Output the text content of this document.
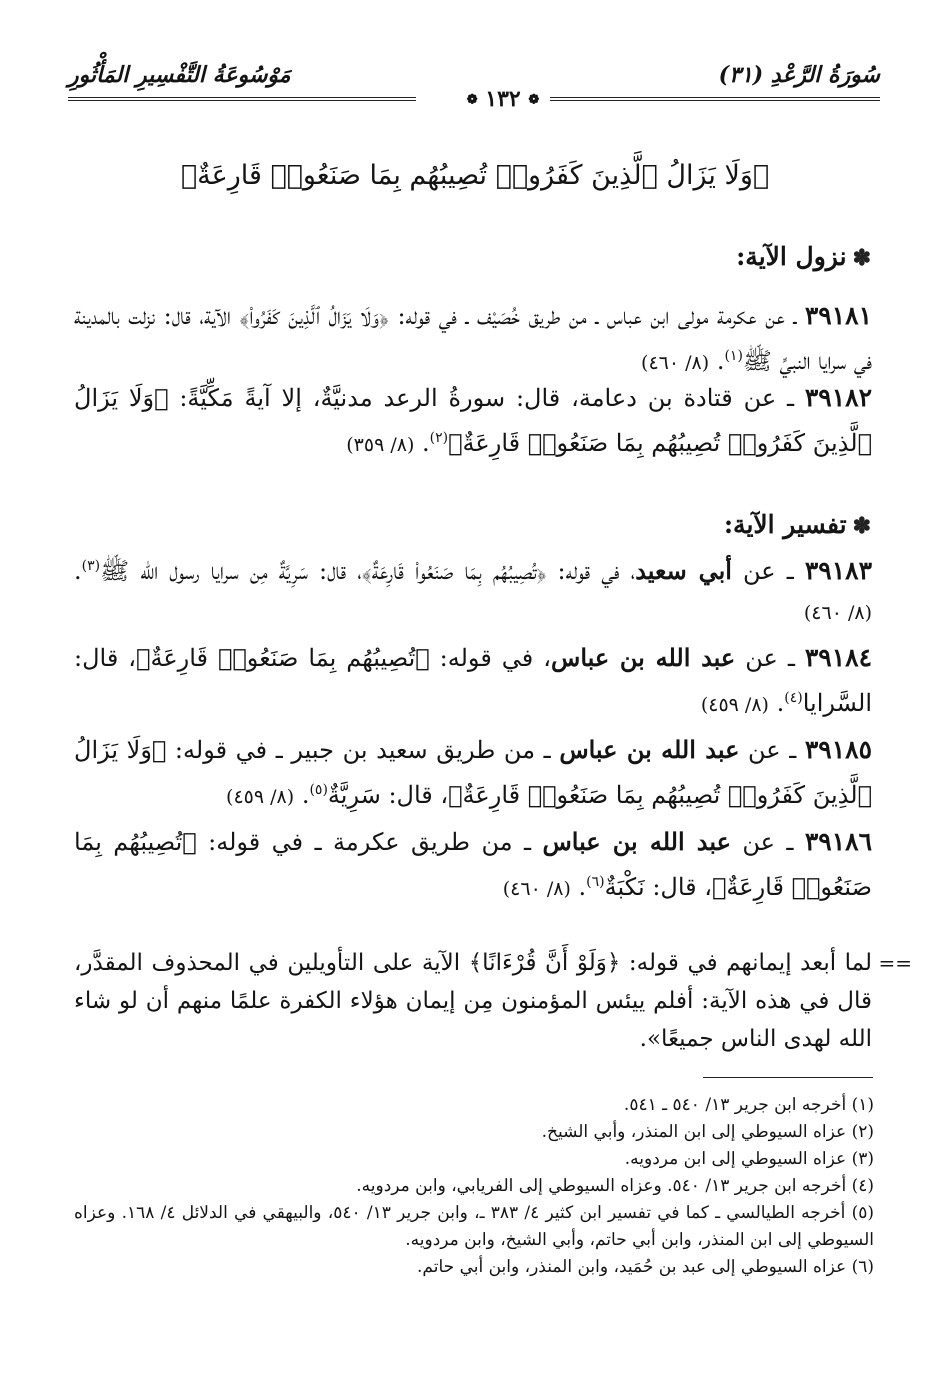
مَوْسُوعَةُ التَّفْسِيرِ المَأْثُورِ	سُورَةُ الرَّعْدِ (٣١)
❁ ١٣٢ ❁
﴿وَلَا يَزَالُ ٱلَّذِينَ كَفَرُوا۟ تُصِيبُهُم بِمَا صَنَعُوا۟ قَارِعَةٌ﴾
✽نزول الآية:
٣٩١٨١ ـ عن عكرمة مولى ابن عباس ـ من طريق خُصَيْف ـ في قوله: ﴿وَلَا يَزَالُ ٱلَّذِينَ كَفَرُوا۟﴾ الآية، قال: نزلت بالمدينة في سرايا النبيِّ ﷺ$^{(١)}$. (٨/ ٤٦٠)
٣٩١٨٢ ـ عن قتادة بن دعامة، قال: سورةُ الرعد مدنيَّةٌ، إلا آيةً مَكِّيَّةً: ﴿وَلَا يَزَالُ ٱلَّذِينَ كَفَرُوا۟ تُصِيبُهُم بِمَا صَنَعُوا۟ قَارِعَةٌ﴾$^{(٢)}$. (٨/ ٣٥٩)
✽تفسير الآية:
٣٩١٨٣ ـ عن أبي سعيد، في قوله: ﴿تُصِيبُهُم بِمَا صَنَعُوا۟ قَارِعَةٌ﴾، قال: سَرِيَّةٌ مِن سرايا رسول الله ﷺ$^{(٣)}$. (٨/ ٤٦٠)
٣٩١٨٤ ـ عن عبد الله بن عباس، في قوله: ﴿تُصِيبُهُم بِمَا صَنَعُوا۟ قَارِعَةٌ﴾، قال: السَّرايا$^{(٤)}$. (٨/ ٤٥٩)
٣٩١٨٥ ـ عن عبد الله بن عباس ـ من طريق سعيد بن جبير ـ في قوله: ﴿وَلَا يَزَالُ ٱلَّذِينَ كَفَرُوا۟ تُصِيبُهُم بِمَا صَنَعُوا۟ قَارِعَةٌ﴾، قال: سَرِيَّةٌ$^{(٥)}$. (٨/ ٤٥٩)
٣٩١٨٦ ـ عن عبد الله بن عباس ـ من طريق عكرمة ـ في قوله: ﴿تُصِيبُهُم بِمَا صَنَعُوا۟ قَارِعَةٌ﴾، قال: نَكْبَةٌ$^{(٦)}$. (٨/ ٤٦٠)
==
لما أبعد إيمانهم في قوله: ﴿وَلَوْ أَنَّ قُرْءَانًا﴾ الآية على التأويلين في المحذوف المقدَّر، قال في هذه الآية: أفلم ييئس المؤمنون مِن إيمان هؤلاء الكفرة علمًا منهم أن لو شاء الله لهدى الناس جميعًا».
(١) أخرجه ابن جرير ١٣/ ٥٤٠ ـ ٥٤١.
(٢) عزاه السيوطي إلى ابن المنذر، وأبي الشيخ.
(٣) عزاه السيوطي إلى ابن مردويه.
(٤) أخرجه ابن جرير ١٣/ ٥٤٠. وعزاه السيوطي إلى الفريابي، وابن مردويه.
(٥) أخرجه الطيالسي ـ كما في تفسير ابن كثير ٤/ ٣٨٣ ـ، وابن جرير ١٣/ ٥٤٠، والبيهقي في الدلائل ٤/ ١٦٨. وعزاه السيوطي إلى ابن المنذر، وابن أبي حاتم، وأبي الشيخ، وابن مردويه.
(٦) عزاه السيوطي إلى عبد بن حُمَيد، وابن المنذر، وابن أبي حاتم.
